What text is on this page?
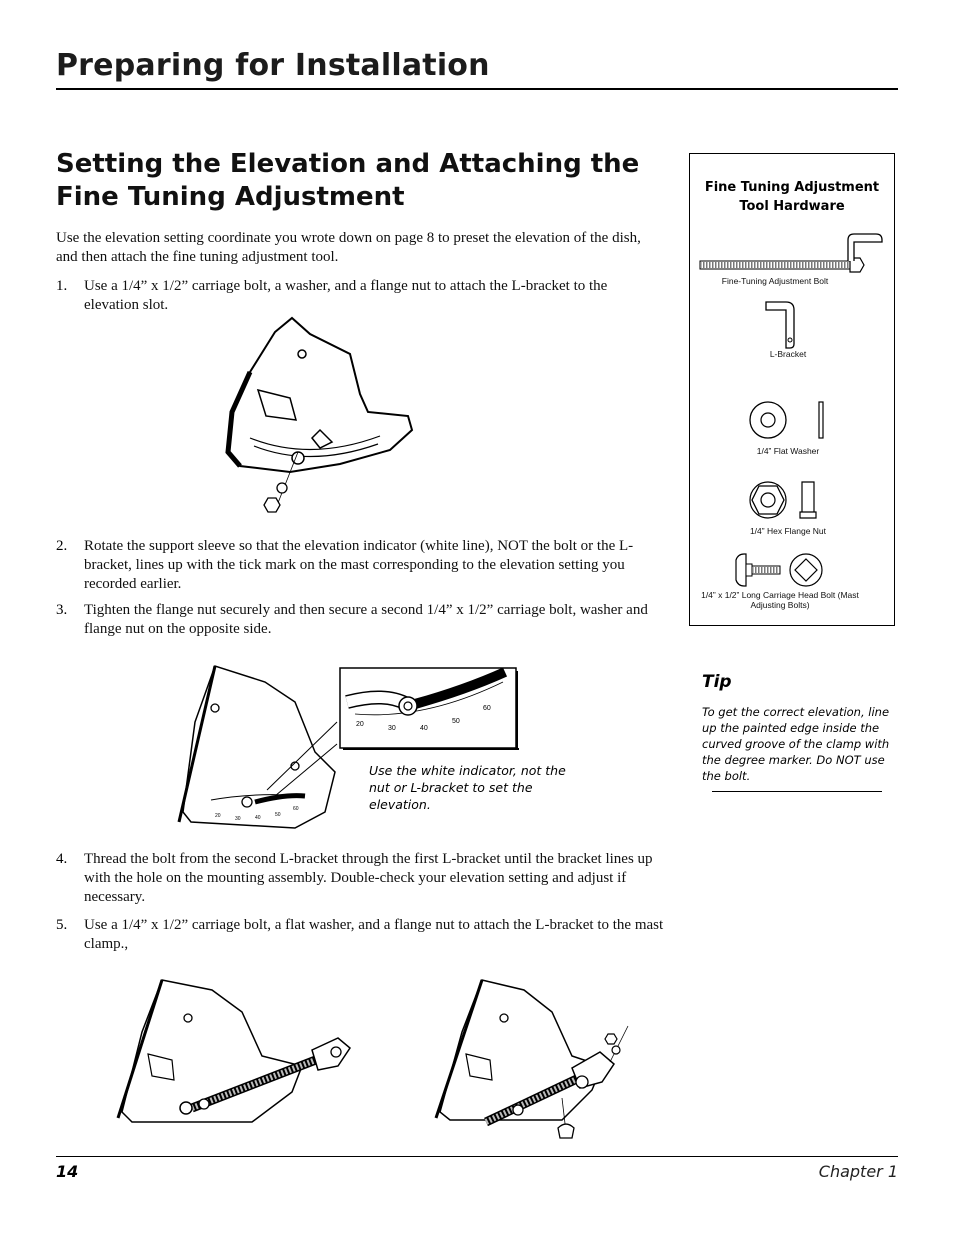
Preparing for Installation
Setting the Elevation and Attaching the Fine Tuning Adjustment
Use the elevation setting coordinate you wrote down on page 8 to preset the elevation of the dish, and then attach the fine tuning adjustment tool.
1. Use a 1/4” x 1/2” carriage bolt, a washer, and a flange nut to attach the L-bracket to the elevation slot.
2. Rotate the support sleeve so that the elevation indicator (white line), NOT the bolt or the L-bracket, lines up with the tick mark on the mast corresponding to the elevation setting you recorded earlier.
3. Tighten the flange nut securely and then secure a second 1/4” x 1/2” carriage bolt, washer and flange nut on the opposite side.
20	30	40	50
60
20
30	40
50
60
Use the white indicator, not the nut or L-bracket to set the elevation.
4. Thread the bolt from the second L-bracket through the first L-bracket until the bracket lines up with the hole on the mounting assembly. Double-check your elevation setting and adjust if necessary.
5. Use a 1/4” x 1/2” carriage bolt, a flat washer, and a flange nut to attach the L-bracket to the mast clamp.,
Fine Tuning Adjustment Tool Hardware
Fine-Tuning Adjustment Bolt
L-Bracket
1/4” Flat Washer
1/4” Hex Flange Nut
1/4” x 1/2” Long Carriage Head Bolt (Mast Adjusting Bolts)
Tip
To get the correct elevation, line up the painted edge inside the curved groove of the clamp with the degree marker. Do NOT use the bolt.
14	Chapter 1
